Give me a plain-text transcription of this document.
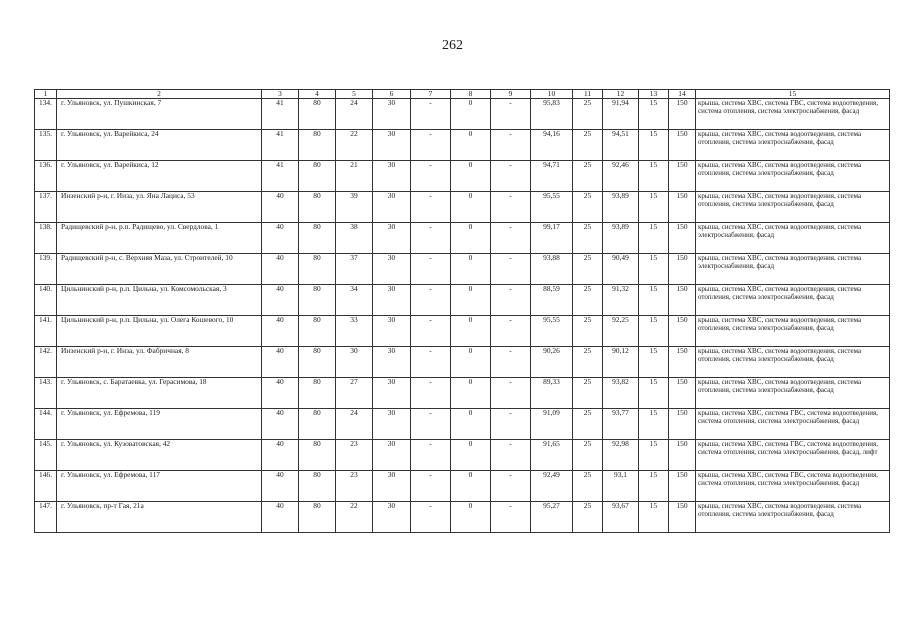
262
1	2	3	4	5	6	7	8	9	10	11	12	13	14	15
134.	г. Ульяновск, ул. Пушкинская, 7	41	80	24	30	-	0	-	95,83	25	91,94	15	150	крыша, система ХВС, система ГВС, система водоотведения, система отопления, система электроснабжения, фасад
135.	г. Ульяновск, ул. Варейкиса, 24	41	80	22	30	-	0	-	94,16	25	94,51	15	150	крыша, система ХВС, система водоотведения, система отопления, система электроснабжения, фасад
136.	г. Ульяновск, ул. Варейкиса, 12	41	80	21	30	-	0	-	94,71	25	92,46	15	150	крыша, система ХВС, система водоотведения, система отопления, система электроснабжения, фасад
137.	Инзенский р-н, г. Инза, ул. Яна Лациса, 53	40	80	39	30	-	0	-	95,55	25	93,89	15	150	крыша, система ХВС, система водоотведения, система отопления, система электроснабжения, фасад
138.	Радищевский р-н, р.п. Радищево, ул. Свердлова, 1	40	80	38	30	-	0	-	99,17	25	93,89	15	150	крыша, система ХВС, система водоотведения, система электроснабжения, фасад
139.	Радищевский р-н, с. Верхняя Маза, ул. Строителей, 10	40	80	37	30	-	0	-	93,88	25	90,49	15	150	крыша, система ХВС, система водоотведения, система электроснабжения, фасад
140.	Цильнинский р-н, р.п. Цильна, ул. Комсомольская, 3	40	80	34	30	-	0	-	88,59	25	91,32	15	150	крыша, система ХВС, система водоотведения, система отопления, система электроснабжения, фасад
141.	Цильнинский р-н, р.п. Цильна, ул. Олега Кошевого, 10	40	80	33	30	-	0	-	95,55	25	92,25	15	150	крыша, система ХВС, система водоотведения, система отопления, система электроснабжения, фасад
142.	Инзенский р-н, г. Инза, ул. Фабричная, 8	40	80	30	30	-	0	-	90,26	25	90,12	15	150	крыша, система ХВС, система водоотведения, система отопления, система электроснабжения, фасад
143.	г. Ульяновск, с. Баратаевка, ул. Герасимова, 18	40	80	27	30	-	0	-	89,33	25	93,82	15	150	крыша, система ХВС, система водоотведения, система отопления, система электроснабжения, фасад
144.	г. Ульяновск, ул. Ефремова, 119	40	80	24	30	-	0	-	91,09	25	93,77	15	150	крыша, система ХВС, система ГВС, система водоотведения, система отопления, система электроснабжения, фасад
145.	г. Ульяновск, ул. Кузоватовская, 42	40	80	23	30	-	0	-	91,65	25	92,98	15	150	крыша, система ХВС, система ГВС, система водоотведения, система отопления, система электроснабжения, фасад, лифт
146.	г. Ульяновск, ул. Ефремова, 117	40	80	23	30	-	0	-	92,49	25	93,1	15	150	крыша, система ХВС, система ГВС, система водоотведения, система отопления, система электроснабжения, фасад
147.	г. Ульяновск, пр-т Гая, 21а	40	80	22	30	-	0	-	95,27	25	93,67	15	150	крыша, система ХВС, система водоотведения, система отопления, система электроснабжения, фасад
